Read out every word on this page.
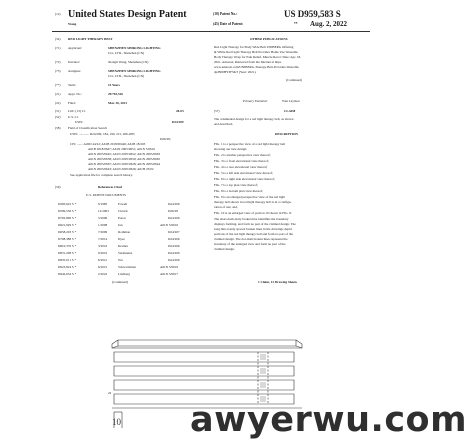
(12) United States Design Patent
Wang
(10) Patent No.:	US D959,583 S
(45) Date of Patent:	** Aug. 2, 2022
(54) RED LIGHT THERAPY BELT
(71) Applicant:	SHENZHEN SHIRONG LIGHTING
CO., LTD., Shenzhen (CN)
(72) Inventor:	Xiangli Wang, Shenzhen (CN)
(73) Assignee:	SHENZHEN SHIRONG LIGHTING
CO., LTD., Shenzhen (CN)
(**) Term:	15 Years
(21) Appl. No.:	29/781,516
(22) Filed:	Mar. 30, 2021
(51) LOC (13) Cl.	28-03
(52) U.S. Cl.
USPC	D24/209
(58) Field of Classification Search
USPC ............ D24/209, 184, 190, 215, 206-208;
D26/28;
CPC ....... A45D 44/22; A61B 2018/00446; A61B 18/203
A61B 2018/0647; A61N 2005/0651; A61N 5/0616
A61N 2005/0645; A61N 2005/0652; A61N 2005/0663
A61N 2005/0658; A61N 2005/0659; A61N 2005/0665
A61N 2005/0667; A61N 2005/0628; A61N 2005/0644
A61N 2005/0643; A61N 2005/0626; A61H 23/02
See application file for complete search history.
(56)	References Cited
U.S. PATENT DOCUMENTS
D283,622 S *	9/1985	Powell	D24/206
D509,556 S *	12/2003	Clerick	D26/28
D702,800 S *	5/2006	Eaton	D24/206
D621,929 S *	1/2008	Jun	A61N 5/0616
D658,203 S *	7/2009	Rothman	D24/207
D708,388 S *	7/2014	Dyes	D24/206
D810,376 S *	3/2016	Kramer	D24/206
D831,208 S *	9/2019	Vermeulen	D24/206
D835,611 S *	6/2021	Wu	D24/206
D923,824 S *	6/2021	Schwartzman	A61N 5/0616
D942,634 S *	2/2022	Lindberg	A61N 5/0617
(Continued)
OTHER PUBLICATIONS
Red Light Therapy for Body Wide Belt UNIBERG Offering
& White Red Light Therapy Belt Provides Home Use Wearable
Body Therapy Wrap for Pain Relief, Muscle Recov Date: Apr. 18,
2021, Amazon, Retrieved from the Internet at https
www.amazon.com/UNIBERG-Therapy-Belt-Provides-Wearable
dp/B09HY3FSKT (Year: 2021).
(Continued)
Primary Examiner	Wan Laymon
(57)	CLAIM
The ornamental design for a red light therapy belt, as shown
and described.
DESCRIPTION
FIG. 1 is a perspective view of a red light therapy belt
showing our new design;
FIG. 2 is another perspective view thereof;
FIG. 3 is a front elevational view thereof;
FIG. 4 is a rear elevational view thereof;
FIG. 5 is a left side elevational view thereof;
FIG. 6 is a right side elevational view thereof;
FIG. 7 is a top plan view thereof;
FIG. 8 is a bottom plan view thereof;
FIG. 9 is an enlarged perspective view of the red light
therapy belt shown in red light therapy belt is in a configu-
ration of use; and,
FIG. 10 is an enlarged view of portion 10 shown in FIG. 8.
The short-dash-dotty broken line identifies the boundary
displays forming, and form no part of the claimed design. The
long thin evenly spaced broken lines in the drawings depict
portions of the red light therapy belt and form no part of the
claimed design. The dot-dash broken lines represent the
boundary of the enlarged view and form no part of the
claimed design.
1 Claim, 12 Drawing Sheets
10
22
awyerwu.com
